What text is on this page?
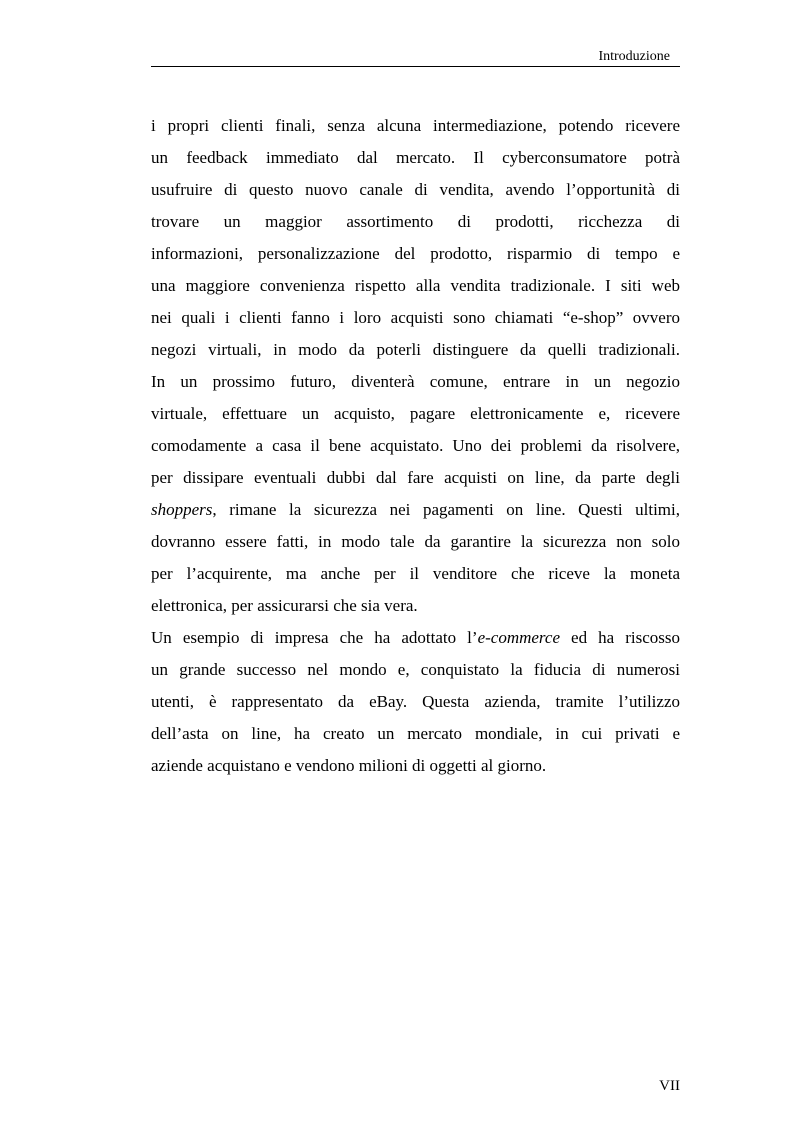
Introduzione
i propri clienti finali, senza alcuna intermediazione, potendo ricevere
un feedback immediato dal mercato. Il cyberconsumatore potrà
usufruire di questo nuovo canale di vendita, avendo l’opportunità di
trovare un maggior assortimento di prodotti, ricchezza di
informazioni, personalizzazione del prodotto, risparmio di tempo e
una maggiore convenienza rispetto alla vendita tradizionale. I siti web
nei quali i clienti fanno i loro acquisti sono chiamati “e-shop” ovvero
negozi virtuali, in modo da poterli distinguere da quelli tradizionali.
In un prossimo futuro, diventerà comune, entrare in un negozio
virtuale, effettuare un acquisto, pagare elettronicamente e, ricevere
comodamente a casa il bene acquistato. Uno dei problemi da risolvere,
per dissipare eventuali dubbi dal fare acquisti on line, da parte degli
shoppers, rimane la sicurezza nei pagamenti on line. Questi ultimi,
dovranno essere fatti, in modo tale da garantire la sicurezza non solo
per l’acquirente, ma anche per il venditore che riceve la moneta
elettronica, per assicurarsi che sia vera.
Un esempio di impresa che ha adottato l’e-commerce ed ha riscosso
un grande successo nel mondo e, conquistato la fiducia di numerosi
utenti, è rappresentato da eBay. Questa azienda, tramite l’utilizzo
dell’asta on line, ha creato un mercato mondiale, in cui privati e
aziende acquistano e vendono milioni di oggetti al giorno.
VII
